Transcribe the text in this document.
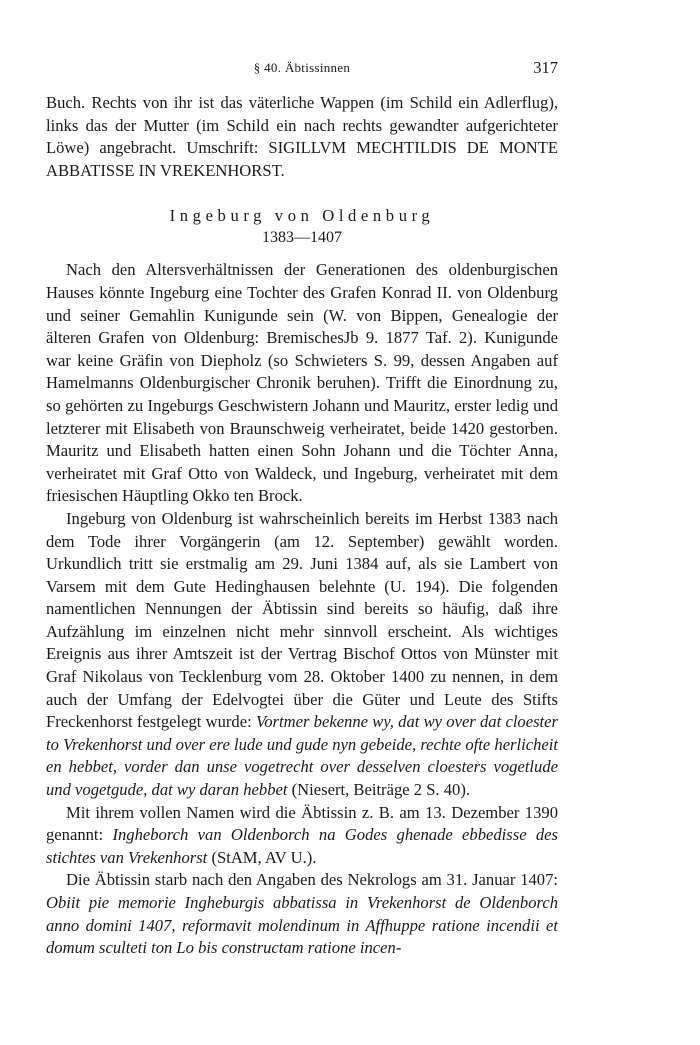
§ 40. Äbtissinnen	317

Buch. Rechts von ihr ist das väterliche Wappen (im Schild ein Adlerflug), links das der Mutter (im Schild ein nach rechts gewandter aufgerichteter Löwe) angebracht. Umschrift: SIGILLVM MECHTILDIS DE MONTE ABBATISSE IN VREKENHORST.

Ingeburg von Oldenburg
1383—1407

Nach den Altersverhältnissen der Generationen des oldenburgischen Hauses könnte Ingeburg eine Tochter des Grafen Konrad II. von Oldenburg und seiner Gemahlin Kunigunde sein (W. von Bippen, Genealogie der älteren Grafen von Oldenburg: BremischesJb 9. 1877 Taf. 2). Kunigunde war keine Gräfin von Diepholz (so Schwieters S. 99, dessen Angaben auf Hamelmanns Oldenburgischer Chronik beruhen). Trifft die Einordnung zu, so gehörten zu Ingeburgs Geschwistern Johann und Mauritz, erster ledig und letzterer mit Elisabeth von Braunschweig verheiratet, beide 1420 gestorben. Mauritz und Elisabeth hatten einen Sohn Johann und die Töchter Anna, verheiratet mit Graf Otto von Waldeck, und Ingeburg, verheiratet mit dem friesischen Häuptling Okko ten Brock.

Ingeburg von Oldenburg ist wahrscheinlich bereits im Herbst 1383 nach dem Tode ihrer Vorgängerin (am 12. September) gewählt worden. Urkundlich tritt sie erstmalig am 29. Juni 1384 auf, als sie Lambert von Varsem mit dem Gute Hedinghausen belehnte (U. 194). Die folgenden namentlichen Nennungen der Äbtissin sind bereits so häufig, daß ihre Aufzählung im einzelnen nicht mehr sinnvoll erscheint. Als wichtiges Ereignis aus ihrer Amtszeit ist der Vertrag Bischof Ottos von Münster mit Graf Nikolaus von Tecklenburg vom 28. Oktober 1400 zu nennen, in dem auch der Umfang der Edelvogtei über die Güter und Leute des Stifts Freckenhorst festgelegt wurde: Vortmer bekenne wy, dat wy over dat cloester to Vrekenhorst und over ere lude und gude nyn gebeide, rechte ofte herlicheit en hebbet, vorder dan unse vogetrecht over desselven cloesters vogetlude und vogetgude, dat wy daran hebbet (Niesert, Beiträge 2 S. 40).

Mit ihrem vollen Namen wird die Äbtissin z. B. am 13. Dezember 1390 genannt: Ingheborch van Oldenborch na Godes ghenade ebbedisse des stichtes van Vrekenhorst (StAM, AV U.).

Die Äbtissin starb nach den Angaben des Nekrologs am 31. Januar 1407: Obiit pie memorie Ingheburgis abbatissa in Vrekenhorst de Oldenborch anno domini 1407, reformavit molendinum in Affhuppe ratione incendii et domum sculteti ton Lo bis constructam ratione incen-
